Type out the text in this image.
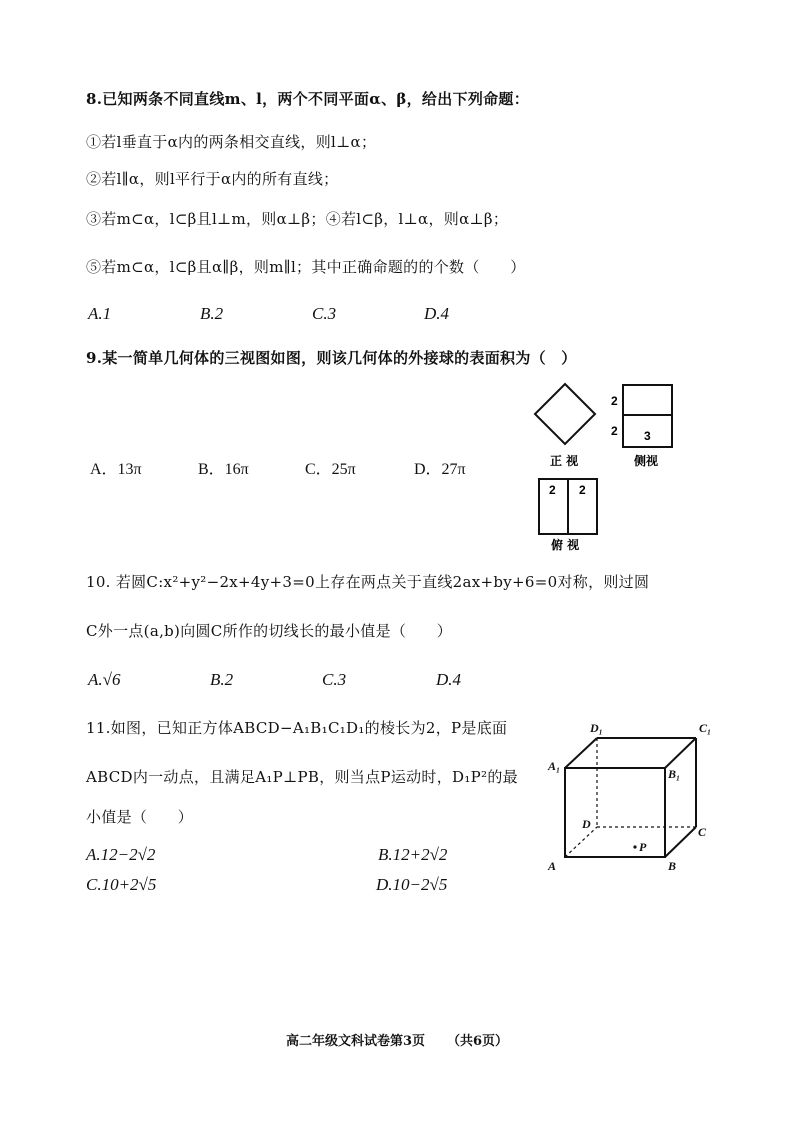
8.已知两条不同直线m、l，两个不同平面α、β，给出下列命题：
①若l垂直于α内的两条相交直线，则l⊥α；
②若l∥α，则l平行于α内的所有直线；
③若m⊂α，l⊂β且l⊥m，则α⊥β；④若l⊂β，l⊥α，则α⊥β；
⑤若m⊂α，l⊂β且α∥β，则m∥l；其中正确命题的的个数（　　）
A.1	B.2	C.3	D.4
9.某一简单几何体的三视图如图，则该几何体的外接球的表面积为（　）
A．13π	B．16π	C．25π	D．27π
2
2 3
正 视	侧视
2 2
俯 视
10. 若圆C:x²+y²−2x+4y+3=0上存在两点关于直线2ax+by+6=0对称，则过圆
C外一点(a,b)向圆C所作的切线长的最小值是（　　）
A.√6	B.2	C.3	D.4
11.如图，已知正方体ABCD−A₁B₁C₁D₁的棱长为2，P是底面
ABCD内一动点，且满足A₁P⊥PB，则当点P运动时，D₁P²的最
小值是（　　）
A.12−2√2	B.12+2√2
C.10+2√5	D.10−2√5
D₁	C₁
A₁
B₁
D
C
A	B
P
高二年级文科试卷第3页 （共6页）
